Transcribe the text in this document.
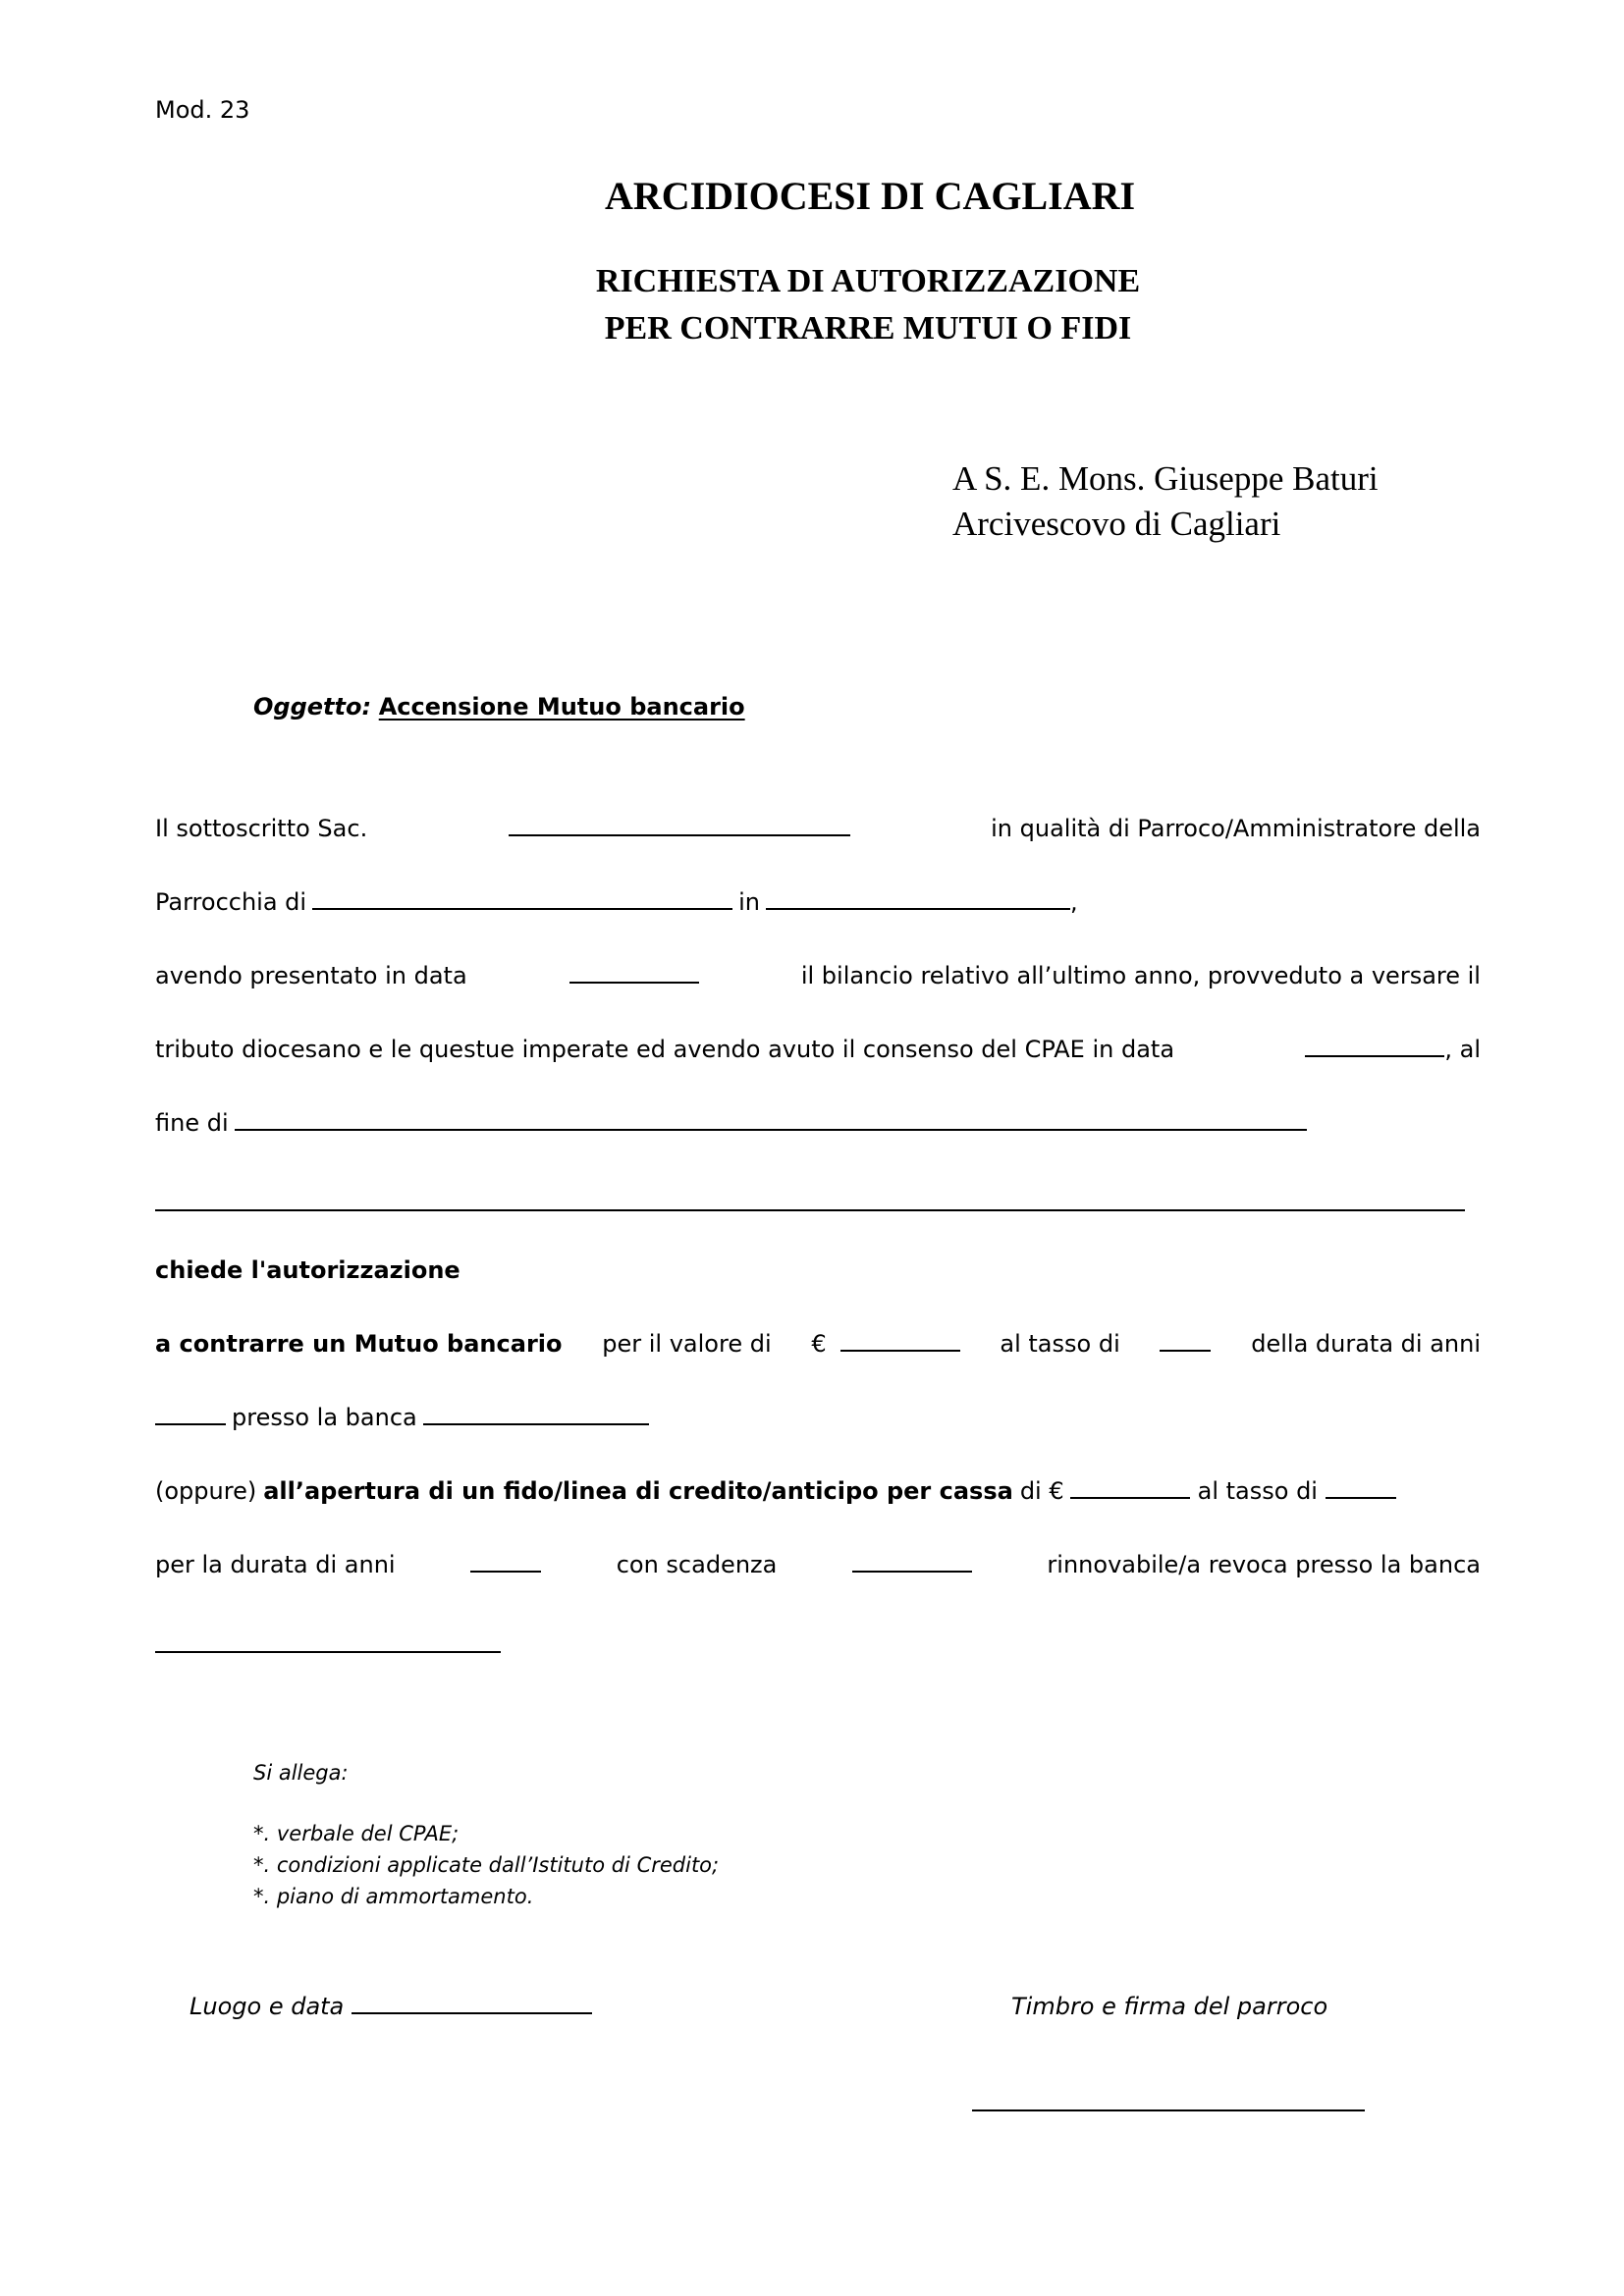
Mod. 23
ARCIDIOCESI DI CAGLIARI
RICHIESTA DI AUTORIZZAZIONE
PER CONTRARRE MUTUI O FIDI
A S. E. Mons. Giuseppe Baturi
Arcivescovo di Cagliari
Oggetto: Accensione Mutuo bancario
Il sottoscritto Sac.	in qualità di Parroco/Amministratore della
Parrocchia di	in	,
avendo presentato in data	il bilancio relativo all’ultimo anno, provveduto a versare il
tributo diocesano e le questue imperate ed avendo avuto il consenso del CPAE in data	, al
fine di
chiede l'autorizzazione
a contrarre un Mutuo bancario per il valore di €	al tasso di	della durata di anni
presso la banca
(oppure) all’apertura di un fido/linea di credito/anticipo per cassa di €	al tasso di
per la durata di anni	con scadenza	rinnovabile/a revoca presso la banca
Si allega:
*. verbale del CPAE;
*. condizioni applicate dall’Istituto di Credito;
*. piano di ammortamento.
Luogo e data	Timbro e firma del parroco
